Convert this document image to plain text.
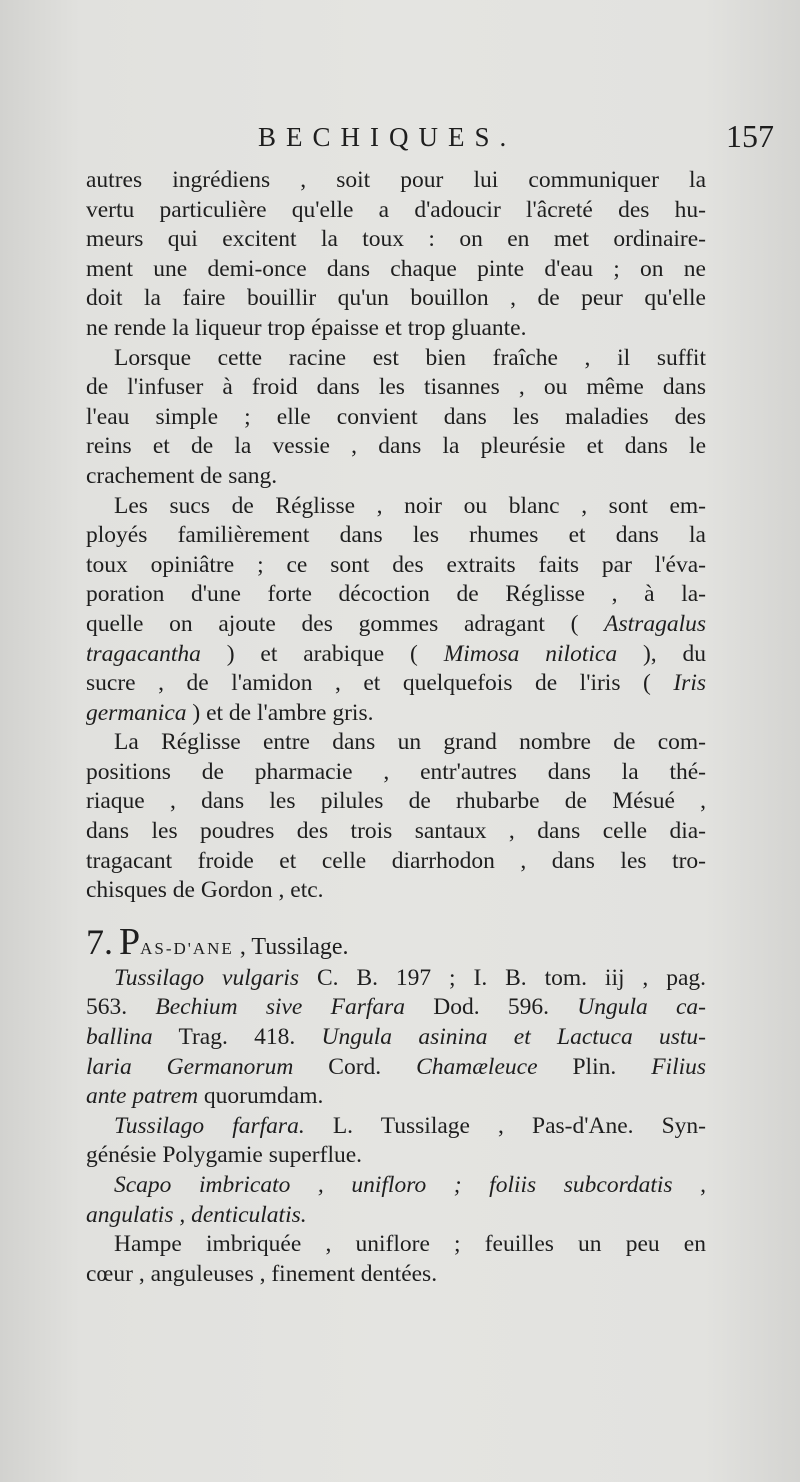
BECHIQUES.	157
autres ingrédiens , soit pour lui communiquer la
vertu particulière qu'elle a d'adoucir l'âcreté des hu-
meurs qui excitent la toux : on en met ordinaire-
ment une demi-once dans chaque pinte d'eau ; on ne
doit la faire bouillir qu'un bouillon , de peur qu'elle
ne rende la liqueur trop épaisse et trop gluante.
Lorsque cette racine est bien fraîche , il suffit
de l'infuser à froid dans les tisannes , ou même dans
l'eau simple ; elle convient dans les maladies des
reins et de la vessie , dans la pleurésie et dans le
crachement de sang.
Les sucs de Réglisse , noir ou blanc , sont em-
ployés familièrement dans les rhumes et dans la
toux opiniâtre ; ce sont des extraits faits par l'éva-
poration d'une forte décoction de Réglisse , à la-
quelle on ajoute des gommes adragant ( Astragalus
tragacantha ) et arabique ( Mimosa nilotica ), du
sucre , de l'amidon , et quelquefois de l'iris ( Iris
germanica ) et de l'ambre gris.
La Réglisse entre dans un grand nombre de com-
positions de pharmacie , entr'autres dans la thé-
riaque , dans les pilules de rhubarbe de Mésué ,
dans les poudres des trois santaux , dans celle dia-
tragacant froide et celle diarrhodon , dans les tro-
chisques de Gordon , etc.
7. PAS-D'ANE , Tussilage.
Tussilago vulgaris C. B. 197 ; I. B. tom. iij , pag.
563. Bechium sive Farfara Dod. 596. Ungula ca-
ballina Trag. 418. Ungula asinina et Lactuca ustu-
laria Germanorum Cord. Chamæleuce Plin. Filius
ante patrem quorumdam.
Tussilago farfara. L. Tussilage , Pas-d'Ane. Syn-
génésie Polygamie superflue.
Scapo imbricato , unifloro ; foliis subcordatis ,
angulatis , denticulatis.
Hampe imbriquée , uniflore ; feuilles un peu en
cœur , anguleuses , finement dentées.
